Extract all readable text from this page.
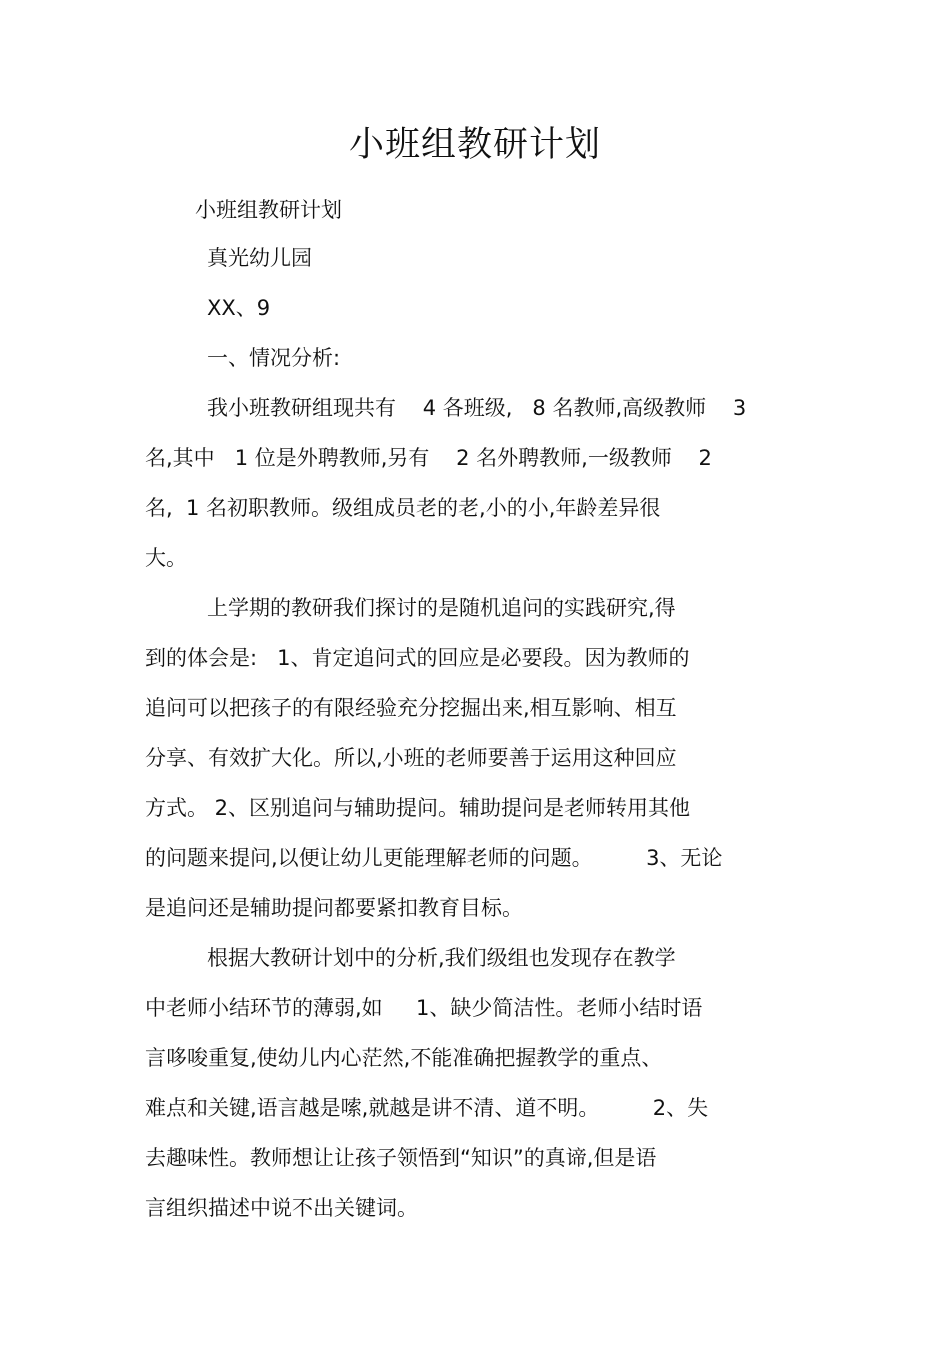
小班组教研计划
小班组教研计划
真光幼儿园
XX、9
一、情况分析:
我小班教研组现共有    4 各班级,   8 名教师,高级教师    3
名,其中   1 位是外聘教师,另有    2 名外聘教师,一级教师    2
名,  1 名初职教师。级组成员老的老,小的小,年龄差异很
大。
上学期的教研我们探讨的是随机追问的实践研究,得
到的体会是:   1、肯定追问式的回应是必要段。因为教师的
追问可以把孩子的有限经验充分挖掘出来,相互影响、相互
分享、有效扩大化。所以,小班的老师要善于运用这种回应
方式。 2、区别追问与辅助提问。辅助提问是老师转用其他
的问题来提问,以便让幼儿更能理解老师的问题。        3、无论
是追问还是辅助提问都要紧扣教育目标。
根据大教研计划中的分析,我们级组也发现存在教学
中老师小结环节的薄弱,如     1、缺少简洁性。老师小结时语
言哆唆重复,使幼儿内心茫然,不能准确把握教学的重点、
难点和关键,语言越是嗦,就越是讲不清、道不明。        2、失
去趣味性。教师想让让孩子领悟到“知识”的真谛,但是语
言组织描述中说不出关键词。
